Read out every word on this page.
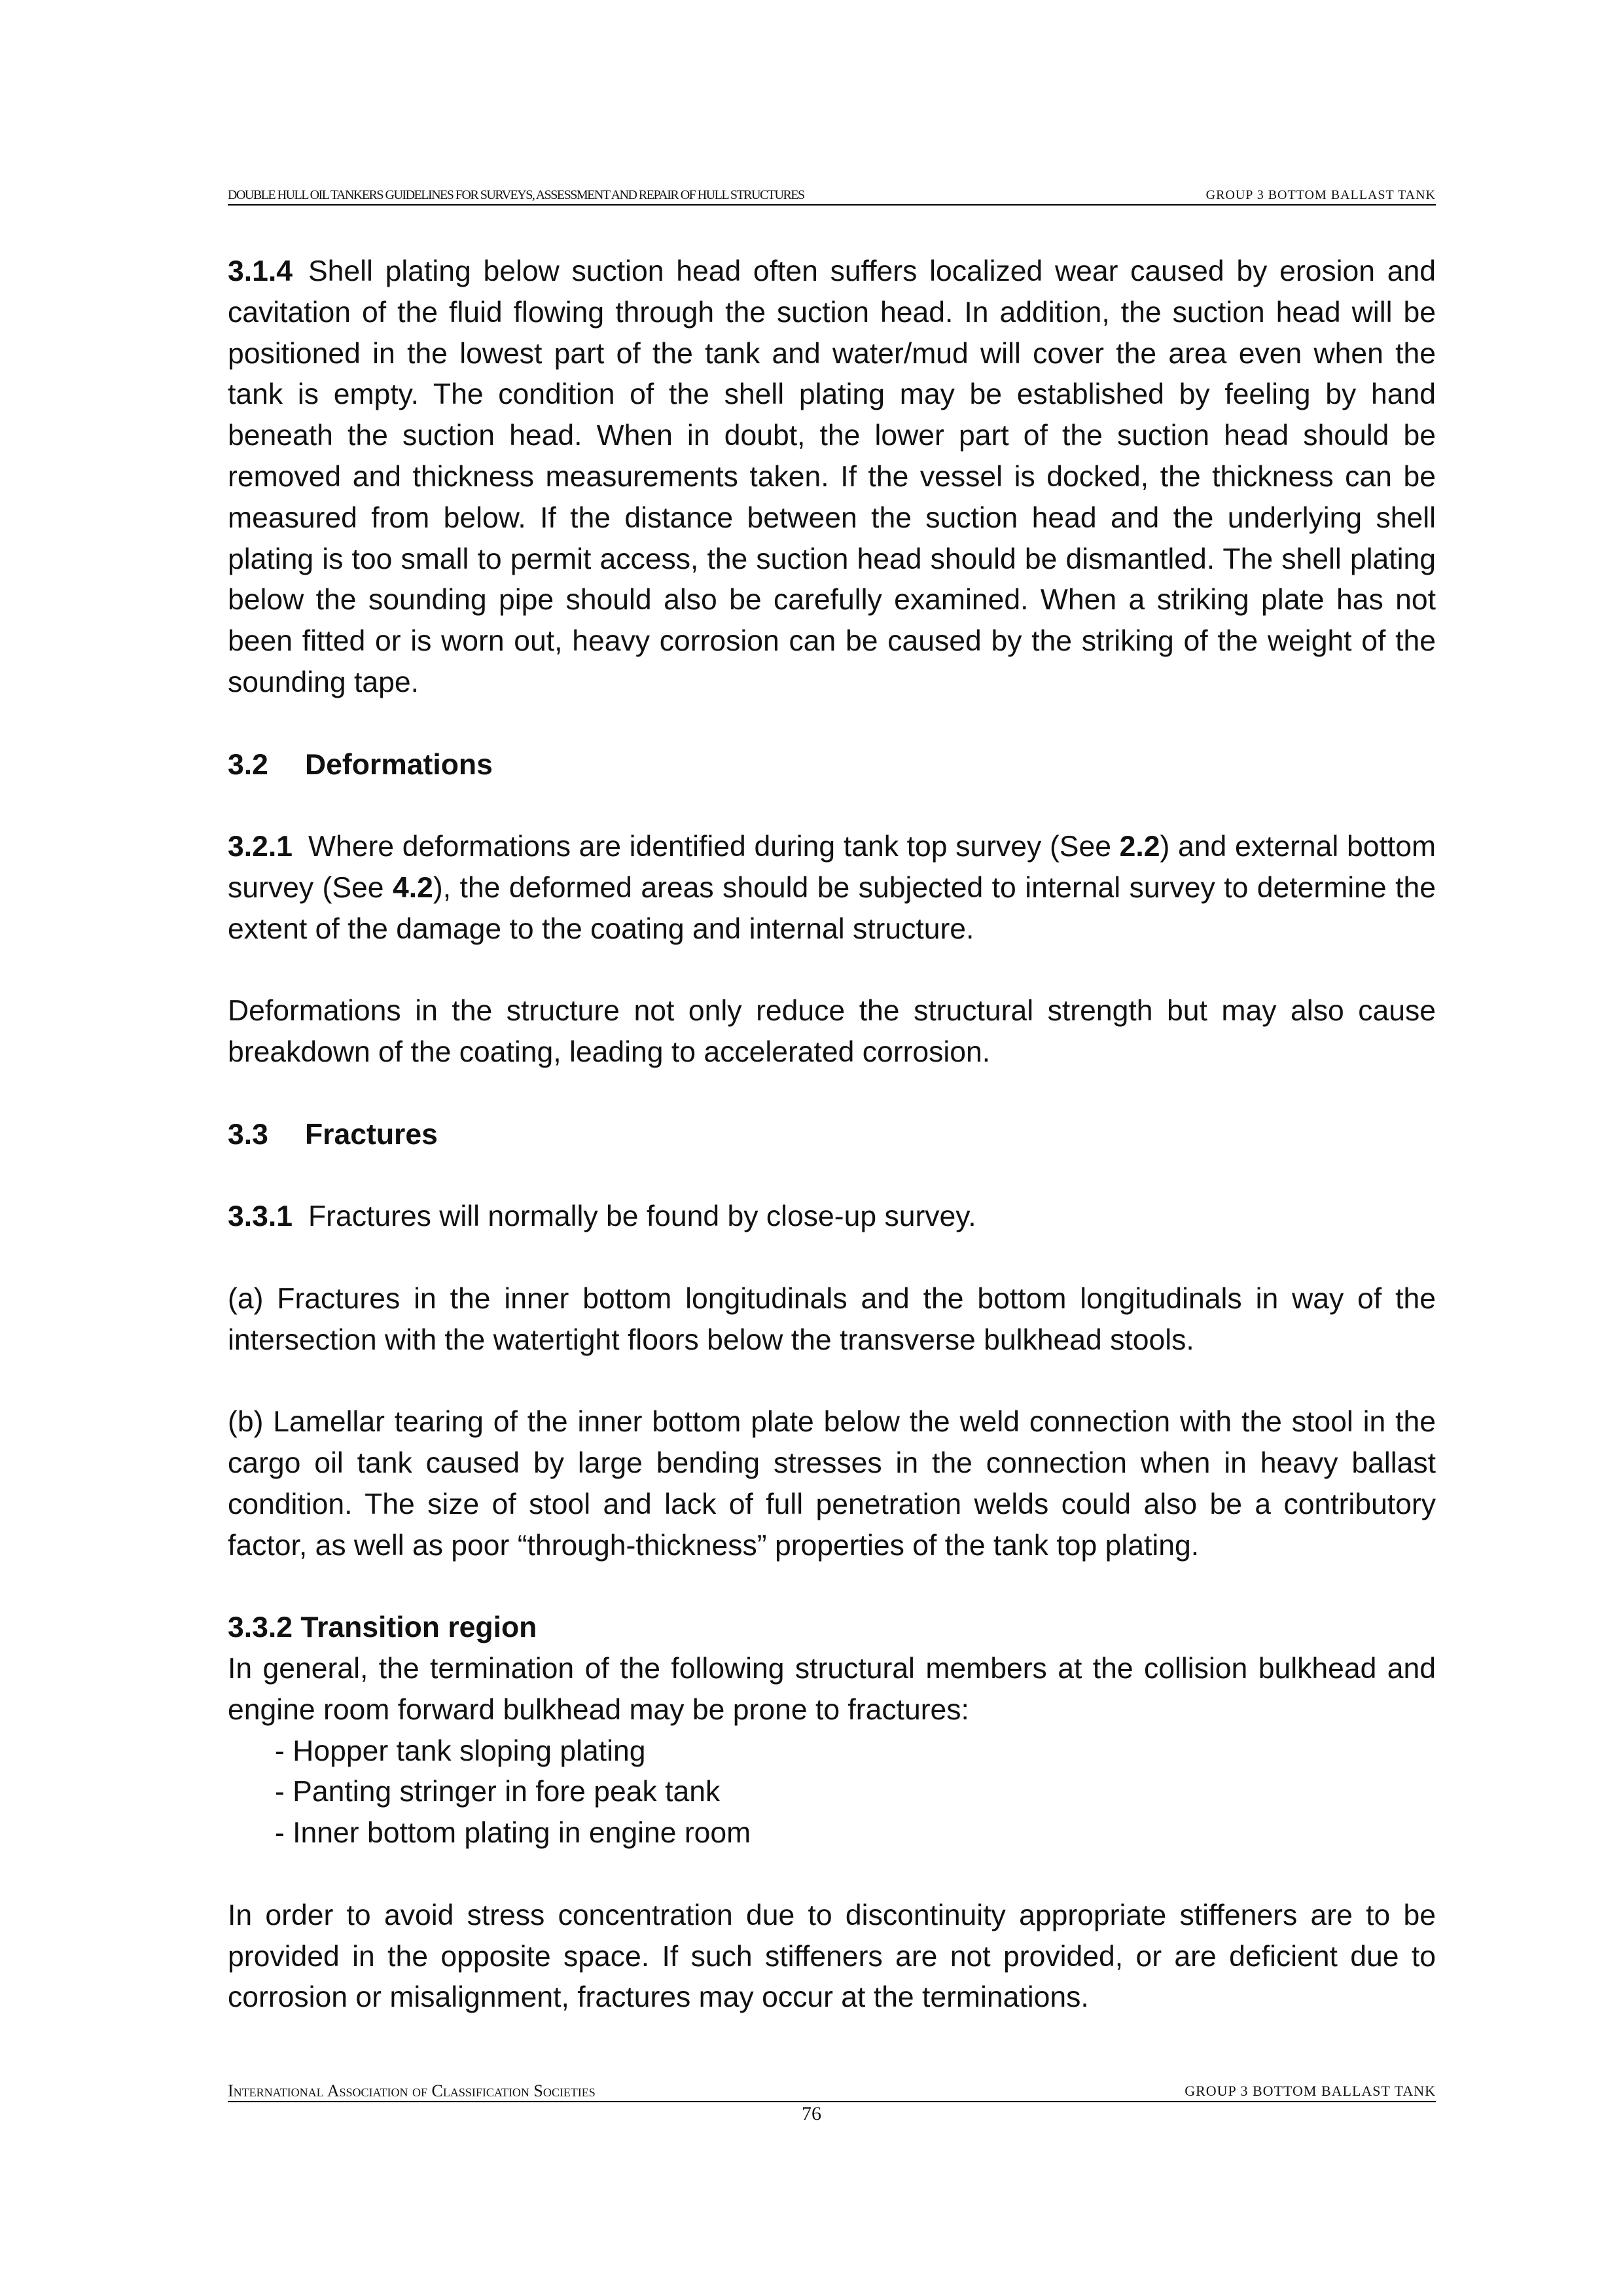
DOUBLE HULL OIL TANKERS GUIDELINES FOR SURVEYS, ASSESSMENT AND REPAIR OF HULL STRUCTURES	GROUP 3 BOTTOM BALLAST TANK

3.1.4 Shell plating below suction head often suffers localized wear caused by erosion and cavitation of the fluid flowing through the suction head. In addition, the suction head will be positioned in the lowest part of the tank and water/mud will cover the area even when the tank is empty. The condition of the shell plating may be established by feeling by hand beneath the suction head. When in doubt, the lower part of the suction head should be removed and thickness measurements taken. If the vessel is docked, the thickness can be measured from below. If the distance between the suction head and the underlying shell plating is too small to permit access, the suction head should be dismantled. The shell plating below the sounding pipe should also be carefully examined. When a striking plate has not been fitted or is worn out, heavy corrosion can be caused by the striking of the weight of the sounding tape.

3.2 Deformations

3.2.1 Where deformations are identified during tank top survey (See 2.2) and external bottom survey (See 4.2), the deformed areas should be subjected to internal survey to determine the extent of the damage to the coating and internal structure.

Deformations in the structure not only reduce the structural strength but may also cause breakdown of the coating, leading to accelerated corrosion.

3.3 Fractures

3.3.1 Fractures will normally be found by close-up survey.

(a) Fractures in the inner bottom longitudinals and the bottom longitudinals in way of the intersection with the watertight floors below the transverse bulkhead stools.

(b) Lamellar tearing of the inner bottom plate below the weld connection with the stool in the cargo oil tank caused by large bending stresses in the connection when in heavy ballast condition. The size of stool and lack of full penetration welds could also be a contributory factor, as well as poor “through-thickness” properties of the tank top plating.

3.3.2 Transition region

In general, the termination of the following structural members at the collision bulkhead and engine room forward bulkhead may be prone to fractures:

- Hopper tank sloping plating
- Panting stringer in fore peak tank
- Inner bottom plating in engine room

In order to avoid stress concentration due to discontinuity appropriate stiffeners are to be provided in the opposite space. If such stiffeners are not provided, or are deficient due to corrosion or misalignment, fractures may occur at the terminations.

International Association of Classification Societies	GROUP 3 BOTTOM BALLAST TANK
76
